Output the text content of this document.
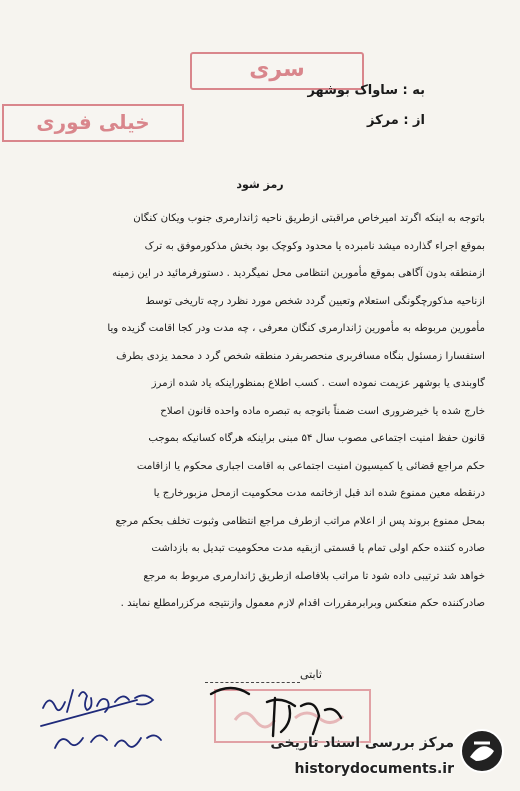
سری
خیلی فوری
به : ساواک بوشهر
از : مرکز
رمز شود
باتوجه به اینکه اگرتد امیرخاص مراقبتی ازطریق ناحیه ژاندارمری جنوب ویکان کنگان
بموقع اجراء گذارده میشد نامبرده یا محدود وکوچک بود بخش مذکورموفق به ترک
ازمنطقه بدون آگاهی بموقع مأمورین انتظامی محل نمیگردید . دستورفرمائید در این زمینه
ازناحیه مذکورچگونگی استعلام وتعیین گردد شخص مورد نظرد رچه تاریخی توسط
مأمورین مربوطه به مأمورین ژاندارمری کنگان معرفی ، چه مدت ودر کجا اقامت گزیده ویا
استفسارا زمسئول بنگاه مسافربری منحصربفرد منطقه شخص گرد د محمد یزدی بطرف
گاوبندی یا بوشهر عزیمت نموده است . کسب اطلاع بمنظوراینکه یاد شده ازمرز
خارج شده یا خیرضروری است ضمناً باتوجه به تبصره ماده واحده قانون اصلاح
قانون حفظ امنیت اجتماعی مصوب سال ۵۴ مبنی براینکه هرگاه کسانیکه بموجب
حکم مراجع قضائی یا کمیسیون امنیت اجتماعی به اقامت اجباری محکوم یا ازاقامت
درنقطه معین ممنوع شده اند قبل ازخاتمه مدت محکومیت ازمحل مزبورخارج یا
بمحل ممنوع بروند پس از اعلام مراتب ازطرف مراجع انتظامی وثبوت تخلف بحکم مرجع
صادره کننده حکم اولی تمام یا قسمتی ازبقیه مدت محکومیت تبدیل به بازداشت
خواهد شد ترتیبی داده شود تا مراتب بلافاصله ازطریق ژاندارمری مربوط به مرجع
صادرکننده حکم منعکس وبرابرمقررات اقدام لازم معمول وازنتیجه مرکزرامطلع نمایند .
ثابتی
مرکز بررسی اسناد تاریخی
historydocuments.ir
